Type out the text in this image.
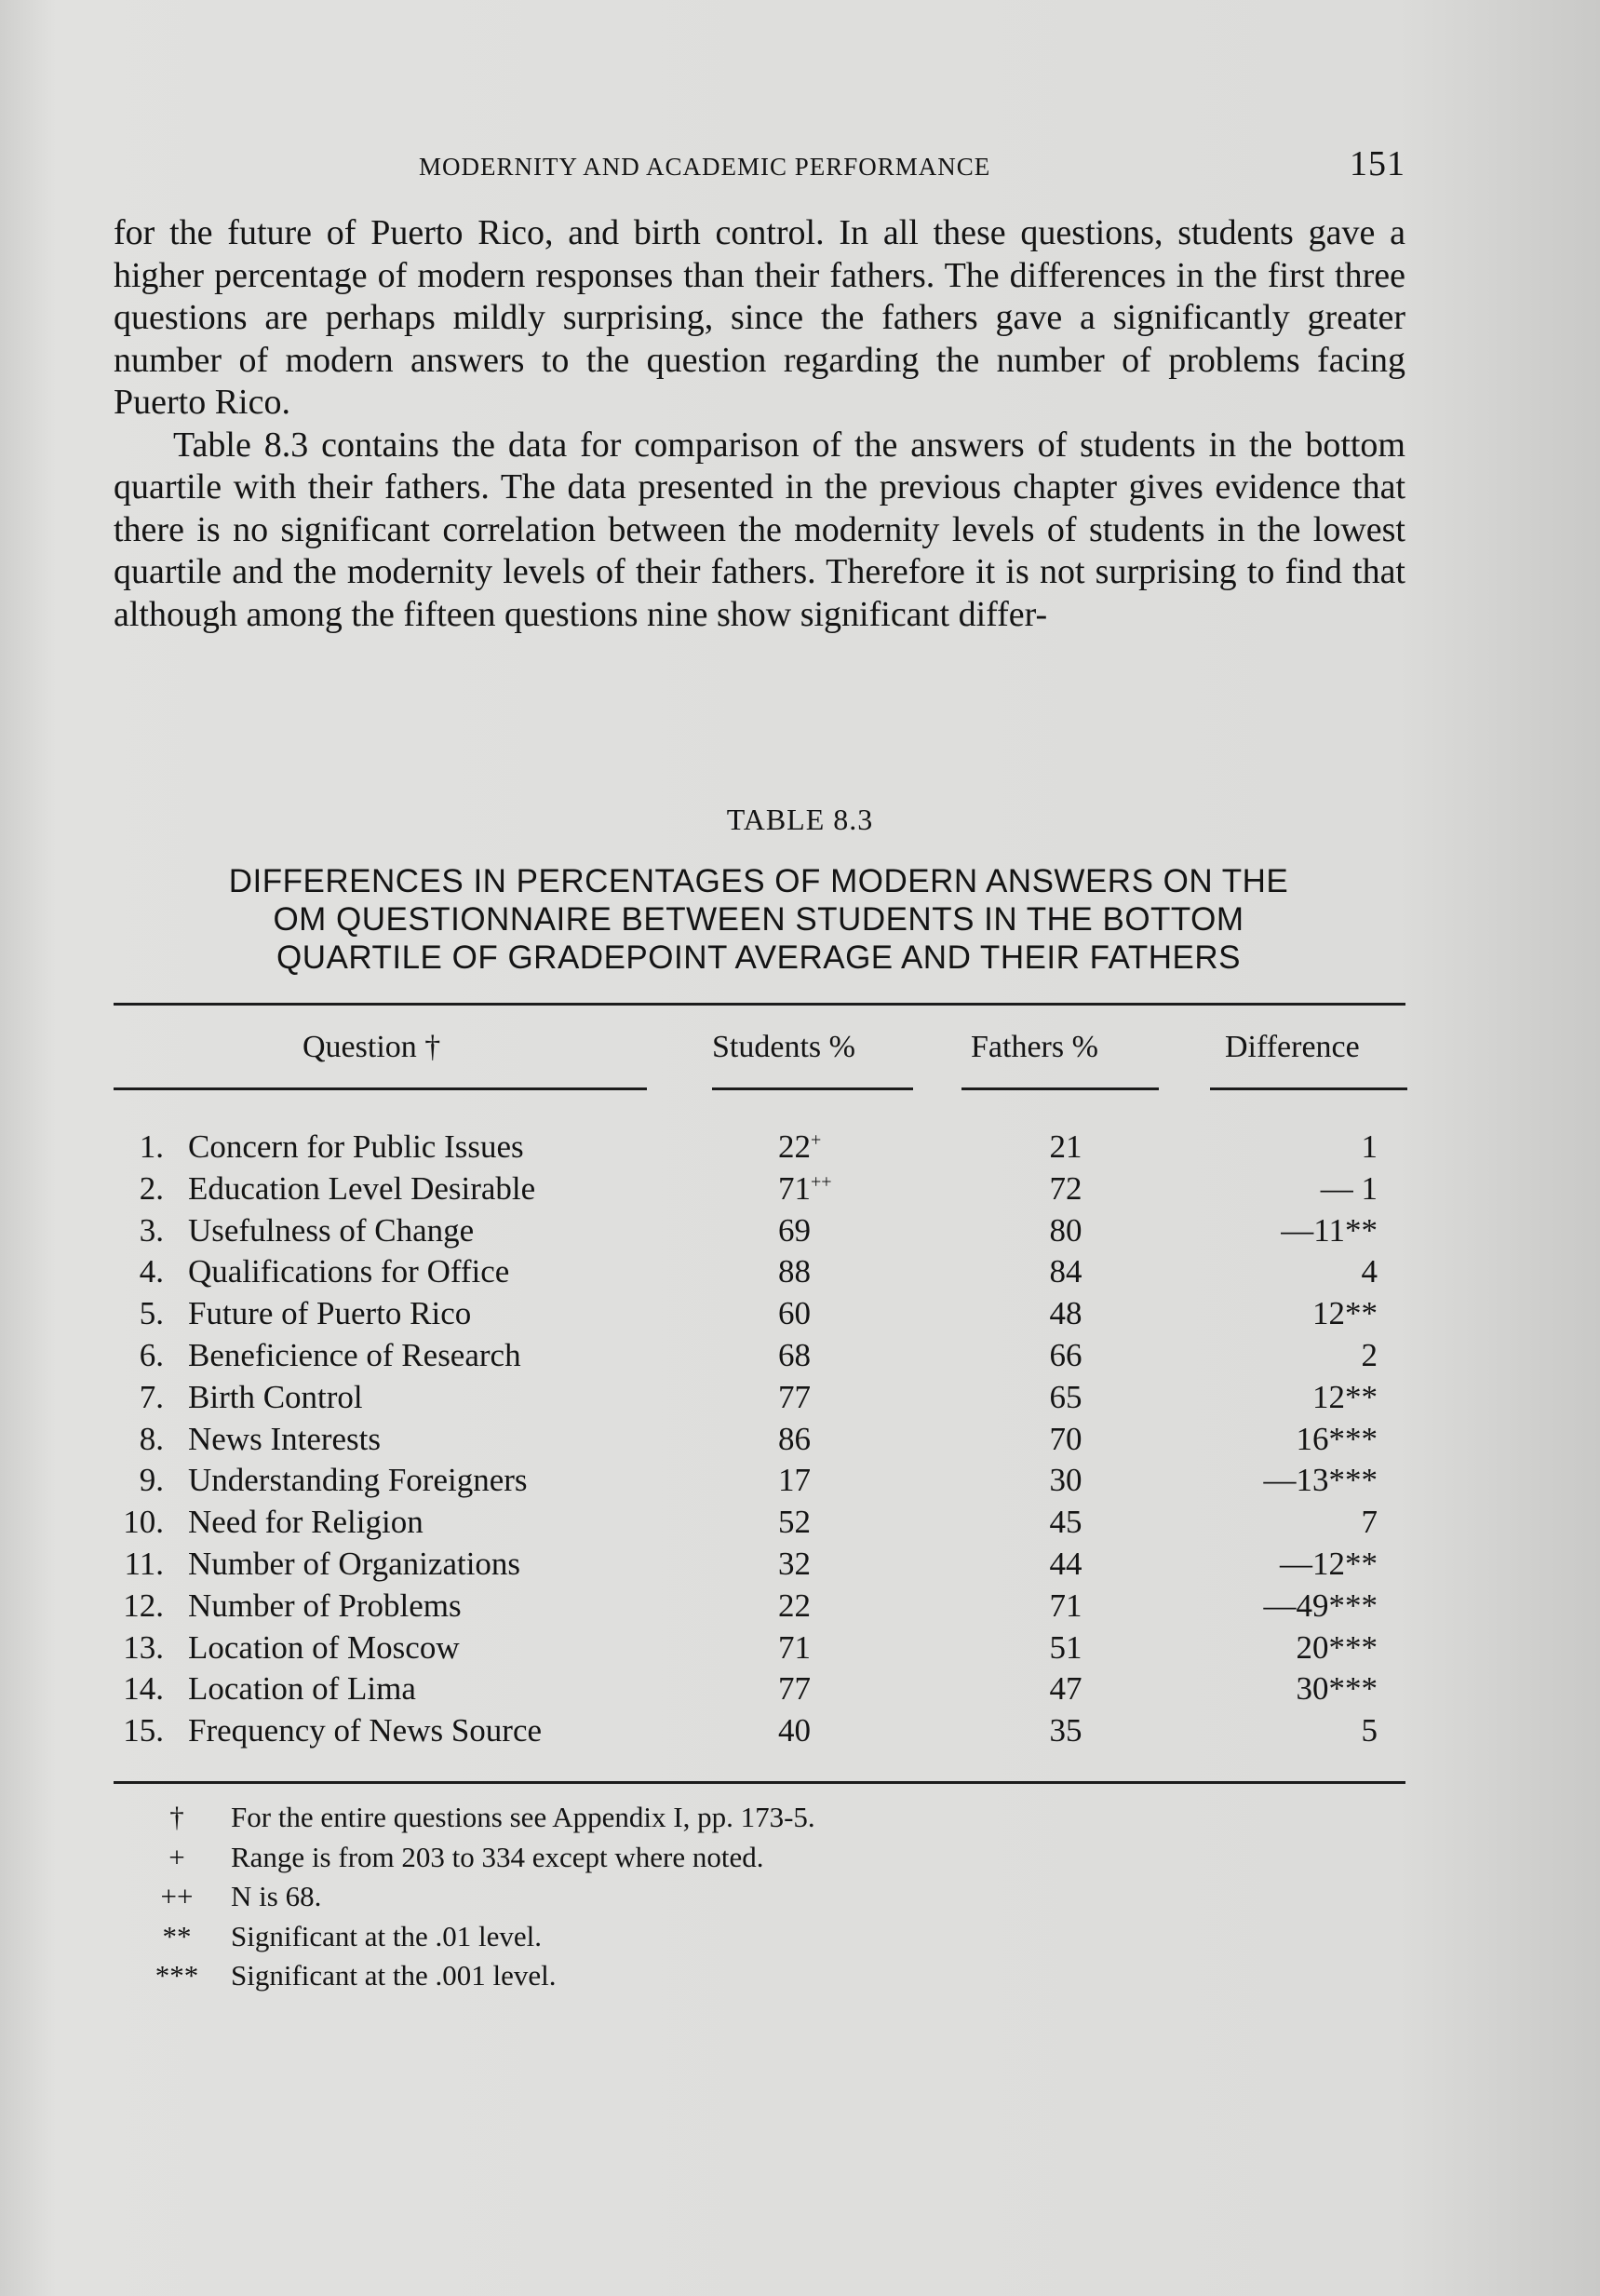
MODERNITY AND ACADEMIC PERFORMANCE	151

for the future of Puerto Rico, and birth control. In all these questions, students gave a higher percentage of modern responses than their fathers. The differences in the first three questions are perhaps mildly surprising, since the fathers gave a significantly greater number of modern answers to the question regarding the number of problems facing Puerto Rico.

Table 8.3 contains the data for comparison of the answers of students in the bottom quartile with their fathers. The data presented in the previous chapter gives evidence that there is no significant correlation between the modernity levels of students in the lowest quartile and the modernity levels of their fathers. Therefore it is not surprising to find that although among the fifteen questions nine show significant differ-

TABLE 8.3
DIFFERENCES IN PERCENTAGES OF MODERN ANSWERS ON THE
OM QUESTIONNAIRE BETWEEN STUDENTS IN THE BOTTOM
QUARTILE OF GRADEPOINT AVERAGE AND THEIR FATHERS
Question †	Students %	Fathers %	Difference
1. Concern for Public Issues	22+	21	1
2. Education Level Desirable	71++	72	— 1
3. Usefulness of Change	69	80	—11**
4. Qualifications for Office	88	84	4
5. Future of Puerto Rico	60	48	12**
6. Beneficience of Research	68	66	2
7. Birth Control	77	65	12**
8. News Interests	86	70	16***
9. Understanding Foreigners	17	30	—13***
10. Need for Religion	52	45	7
11. Number of Organizations	32	44	—12**
12. Number of Problems	22	71	—49***
13. Location of Moscow	71	51	20***
14. Location of Lima	77	47	30***
15. Frequency of News Source	40	35	5
†	For the entire questions see Appendix I, pp. 173-5.
+	Range is from 203 to 334 except where noted.
++	N is 68.
**	Significant at the .01 level.
***	Significant at the .001 level.
